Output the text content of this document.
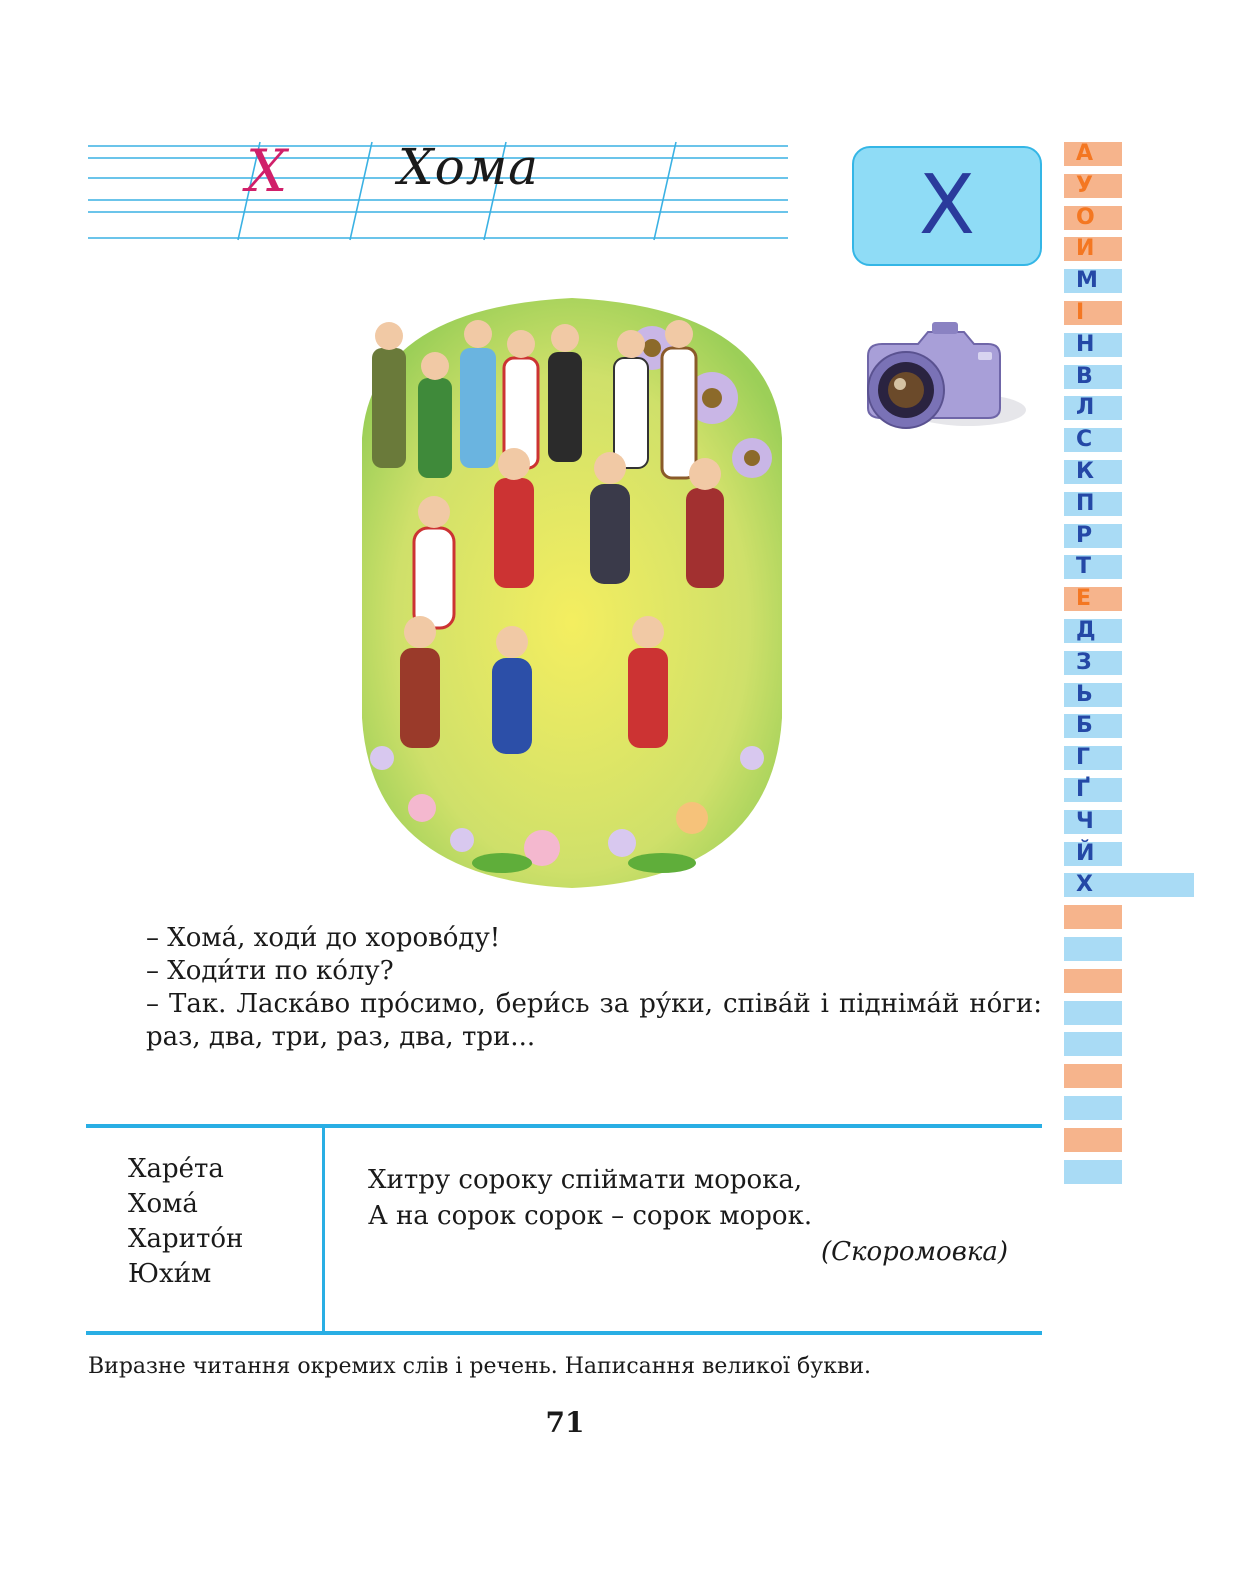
Х Хома	Х
А
У
О
И
М
І
Н
В
Л
С
К
П
Р
Т
Е
Д
З
Ь
Б
Г
Ґ
Ч
Й
Х

– Хома́, ходи́ до хорово́ду!

– Ходи́ти по ко́лу?

– Так. Ласка́во про́симо, бери́сь за ру́ки, співа́й і підніма́й но́ги: раз, два, три, раз, два, три...

Харе́та
Хома́
Харито́н
Юхи́м
Хитру сороку спіймати морока,
А на сорок сорок – сорок морок.
(Скоромовка)
Виразне читання окремих слів і речень. Написання великої букви.
71
